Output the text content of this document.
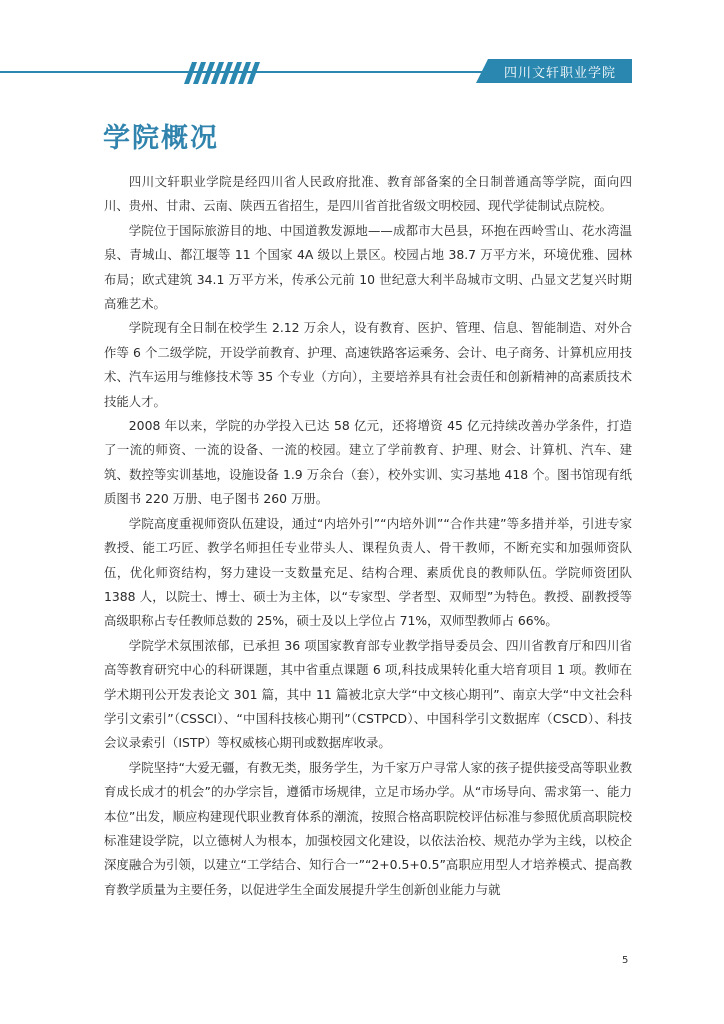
四川文轩职业学院
学院概况

四川文轩职业学院是经四川省人民政府批准、教育部备案的全日制普通高等学院，面向四川、贵州、甘肃、云南、陕西五省招生，是四川省首批省级文明校园、现代学徒制试点院校。

学院位于国际旅游目的地、中国道教发源地——成都市大邑县，环抱在西岭雪山、花水湾温泉、青城山、都江堰等 11 个国家 4A 级以上景区。校园占地 38.7 万平方米，环境优雅、园林布局；欧式建筑 34.1 万平方米，传承公元前 10 世纪意大利半岛城市文明、凸显文艺复兴时期高雅艺术。

学院现有全日制在校学生 2.12 万余人，设有教育、医护、管理、信息、智能制造、对外合作等 6 个二级学院，开设学前教育、护理、高速铁路客运乘务、会计、电子商务、计算机应用技术、汽车运用与维修技术等 35 个专业（方向），主要培养具有社会责任和创新精神的高素质技术技能人才。

2008 年以来，学院的办学投入已达 58 亿元，还将增资 45 亿元持续改善办学条件，打造了一流的师资、一流的设备、一流的校园。建立了学前教育、护理、财会、计算机、汽车、建筑、数控等实训基地，设施设备 1.9 万余台（套），校外实训、实习基地 418 个。图书馆现有纸质图书 220 万册、电子图书 260 万册。

学院高度重视师资队伍建设，通过“内培外引”“内培外训”“合作共建”等多措并举，引进专家教授、能工巧匠、教学名师担任专业带头人、课程负责人、骨干教师，不断充实和加强师资队伍，优化师资结构，努力建设一支数量充足、结构合理、素质优良的教师队伍。学院师资团队 1388 人，以院士、博士、硕士为主体，以“专家型、学者型、双师型”为特色。教授、副教授等高级职称占专任教师总数的 25%，硕士及以上学位占 71%，双师型教师占 66%。

学院学术氛围浓郁，已承担 36 项国家教育部专业教学指导委员会、四川省教育厅和四川省高等教育研究中心的科研课题，其中省重点课题 6 项,科技成果转化重大培育项目 1 项。教师在学术期刊公开发表论文 301 篇，其中 11 篇被北京大学“中文核心期刊”、南京大学“中文社会科学引文索引”（CSSCI）、“中国科技核心期刊”（CSTPCD）、中国科学引文数据库（CSCD）、科技会议录索引（ISTP）等权威核心期刊或数据库收录。

学院坚持“大爱无疆，有教无类，服务学生，为千家万户寻常人家的孩子提供接受高等职业教育成长成才的机会”的办学宗旨，遵循市场规律，立足市场办学。从“市场导向、需求第一、能力本位”出发，顺应构建现代职业教育体系的潮流，按照合格高职院校评估标准与参照优质高职院校标准建设学院，以立德树人为根本，加强校园文化建设，以依法治校、规范办学为主线，以校企深度融合为引领，以建立“工学结合、知行合一”“2+0.5+0.5”高职应用型人才培养模式、提高教育教学质量为主要任务，以促进学生全面发展提升学生创新创业能力与就

5
